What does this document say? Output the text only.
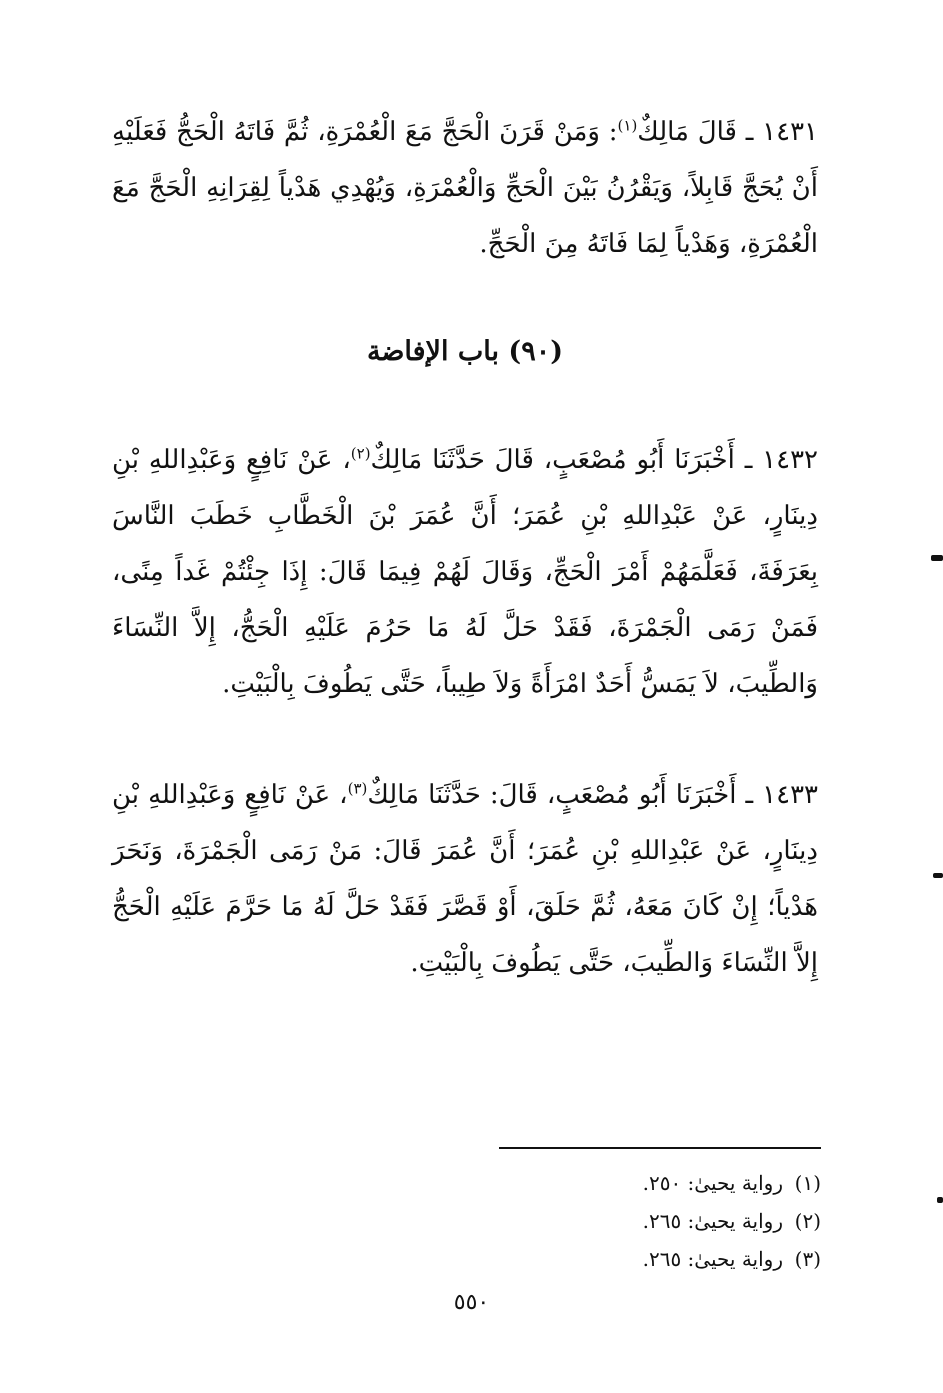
١٤٣١ ـ قَالَ مَالِكٌ$^{(١)}$: وَمَنْ قَرَنَ الْحَجَّ مَعَ الْعُمْرَةِ، ثُمَّ فَاتَهُ الْحَجُّ فَعَلَيْهِ أَنْ يُحَجَّ قَابِلاً، وَيَقْرُنُ بَيْنَ الْحَجِّ وَالْعُمْرَةِ، وَيُهْدِي هَدْياً لِقِرَانِهِ الْحَجَّ مَعَ الْعُمْرَةِ، وَهَدْياً لِمَا فَاتَهُ مِنَ الْحَجِّ.

(٩٠) باب الإفاضة

١٤٣٢ ـ أَخْبَرَنَا أَبُو مُصْعَبٍ، قَالَ حَدَّثَنَا مَالِكٌ$^{(٢)}$، عَنْ نَافِعٍ وَعَبْدِاللهِ بْنِ دِينَارٍ، عَنْ عَبْدِاللهِ بْنِ عُمَرَ؛ أَنَّ عُمَرَ بْنَ الْخَطَّابِ خَطَبَ النَّاسَ بِعَرَفَةَ، فَعَلَّمَهُمْ أَمْرَ الْحَجِّ، وَقَالَ لَهُمْ فِيمَا قَالَ: إِذَا جِئْتُمْ غَداً مِنًى، فَمَنْ رَمَى الْجَمْرَةَ، فَقَدْ حَلَّ لَهُ مَا حَرُمَ عَلَيْهِ الْحَجُّ، إِلاَّ النِّسَاءَ وَالطِّيبَ، لاَ يَمَسُّ أَحَدٌ امْرَأَةً وَلاَ طِيباً، حَتَّى يَطُوفَ بِالْبَيْتِ.

١٤٣٣ ـ أَخْبَرَنَا أَبُو مُصْعَبٍ، قَالَ: حَدَّثَنَا مَالِكٌ$^{(٣)}$، عَنْ نَافِعٍ وَعَبْدِاللهِ بْنِ دِينَارٍ، عَنْ عَبْدِاللهِ بْنِ عُمَرَ؛ أَنَّ عُمَرَ قَالَ: مَنْ رَمَى الْجَمْرَةَ، وَنَحَرَ هَدْياً؛ إِنْ كَانَ مَعَهُ، ثُمَّ حَلَقَ، أَوْ قَصَّرَ فَقَدْ حَلَّ لَهُ مَا حَرَّمَ عَلَيْهِ الْحَجُّ إِلاَّ النِّسَاءَ وَالطِّيبَ، حَتَّى يَطُوفَ بِالْبَيْتِ.

(١)رواية يحيىٰ: ٢٥٠.
(٢)رواية يحيىٰ: ٢٦٥.
(٣)رواية يحيىٰ: ٢٦٥.
٥٥٠
